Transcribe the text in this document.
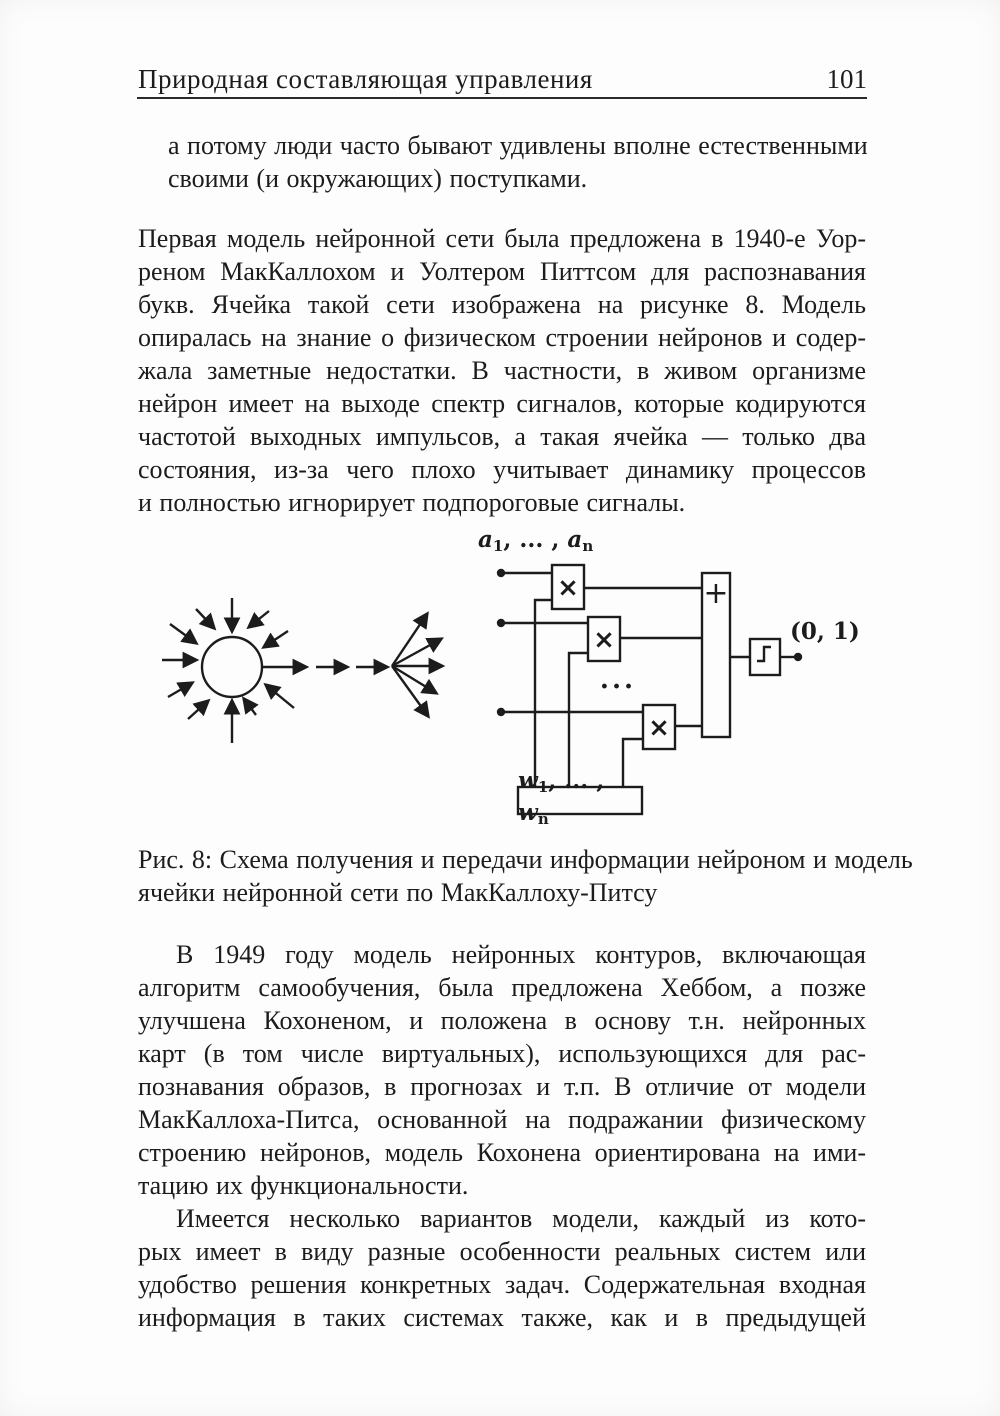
Природная составляющая управления	101
а потому люди часто бывают удивлены вполне естественными
своими (и окружающих) поступками.
Первая модель нейронной сети была предложена в 1940-е Уор-
реном МакКаллохом и Уолтером Питтсом для распознавания
букв. Ячейка такой сети изображена на рисунке 8. Модель
опиралась на знание о физическом строении нейронов и содер-
жала заметные недостатки. В частности, в живом организме
нейрон имеет на выходе спектр сигналов, которые кодируются
частотой выходных импульсов, а такая ячейка — только два
состояния, из-за чего плохо учитывает динамику процессов
и полностью игнорирует подпороговые сигналы.
×
×
×
...
+
$a_1$, ... , $a_n$
$w_1$, ... , $w_n$
(0, 1)
Рис. 8: Схема получения и передачи информации нейроном и модель
ячейки нейронной сети по МакКаллоху-Питсу
В 1949 году модель нейронных контуров, включающая
алгоритм самообучения, была предложена Хеббом, а позже
улучшена Кохоненом, и положена в основу т.н. нейронных
карт (в том числе виртуальных), использующихся для рас-
познавания образов, в прогнозах и т.п. В отличие от модели
МакКаллоха-Питса, основанной на подражании физическому
строению нейронов, модель Кохонена ориентирована на ими-
тацию их функциональности.
Имеется несколько вариантов модели, каждый из кото-
рых имеет в виду разные особенности реальных систем или
удобство решения конкретных задач. Содержательная входная
информация в таких системах также, как и в предыдущей
